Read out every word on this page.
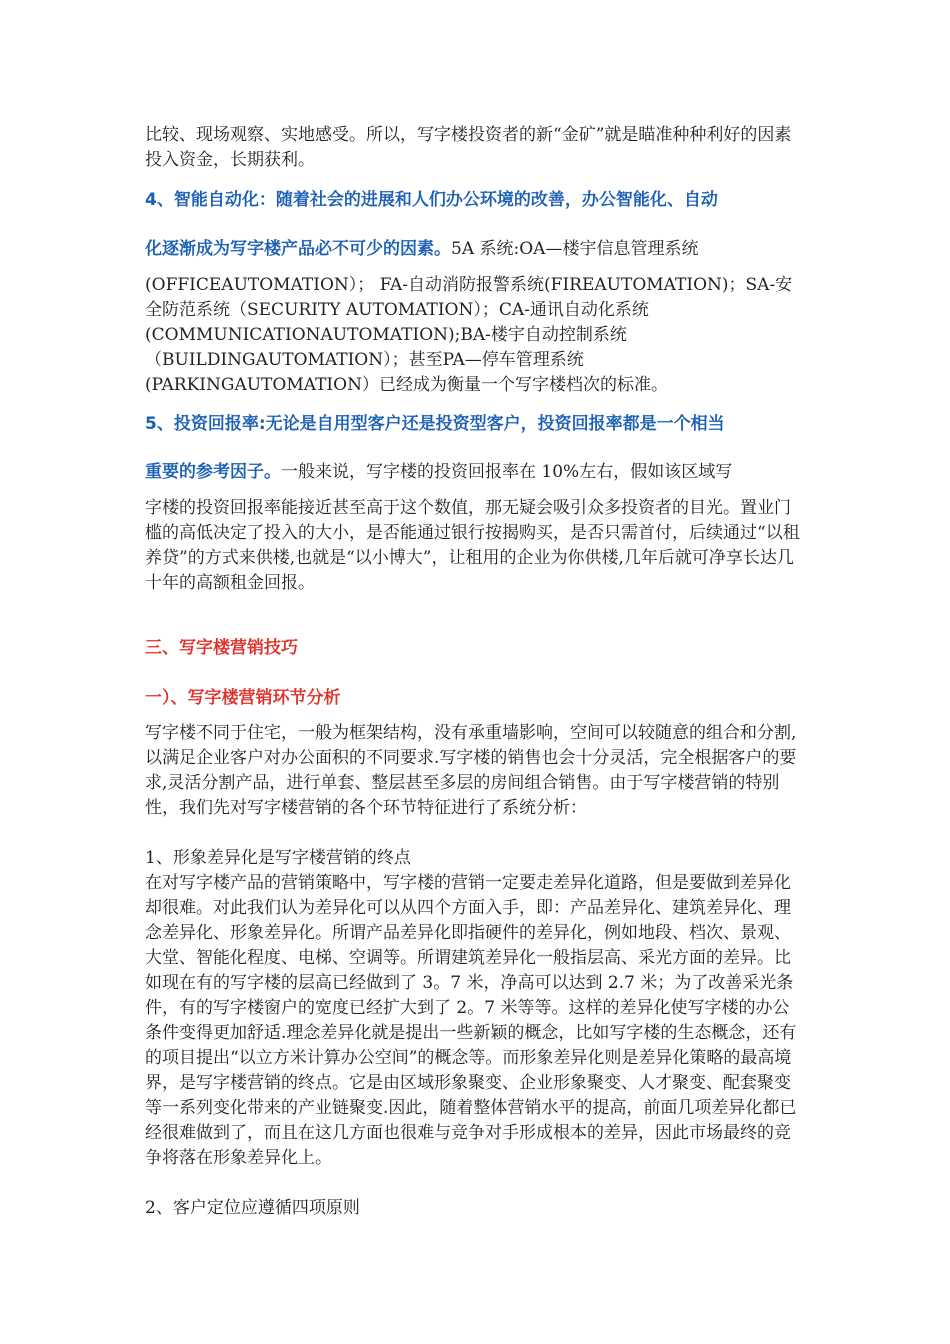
比较、现场观察、实地感受。所以，写字楼投资者的新“金矿”就是瞄准种种利好的因素投入资金，长期获利。

4、智能自动化：随着社会的进展和人们办公环境的改善，办公智能化、自动

化逐渐成为写字楼产品必不可少的因素。5A 系统:OA—楼宇信息管理系统

(OFFICEAUTOMATION）； FA-自动消防报警系统(FIREAUTOMATION)；SA-安全防范系统（SECURITY AUTOMATION）；CA-通讯自动化系统(COMMUNICATIONAUTOMATION);BA-楼宇自动控制系统（BUILDINGAUTOMATION）；甚至PA—停车管理系统(PARKINGAUTOMATION）已经成为衡量一个写字楼档次的标准。

5、投资回报率:无论是自用型客户还是投资型客户，投资回报率都是一个相当

重要的参考因子。一般来说，写字楼的投资回报率在 10%左右，假如该区域写

字楼的投资回报率能接近甚至高于这个数值，那无疑会吸引众多投资者的目光。置业门槛的高低决定了投入的大小，是否能通过银行按揭购买，是否只需首付，后续通过“以租养贷”的方式来供楼,也就是“以小博大”，让租用的企业为你供楼,几年后就可净享长达几十年的高额租金回报。

三、写字楼营销技巧

一）、写字楼营销环节分析

写字楼不同于住宅，一般为框架结构，没有承重墙影响，空间可以较随意的组合和分割,以满足企业客户对办公面积的不同要求.写字楼的销售也会十分灵活，完全根据客户的要求,灵活分割产品，进行单套、整层甚至多层的房间组合销售。由于写字楼营销的特别性，我们先对写字楼营销的各个环节特征进行了系统分析：

1、形象差异化是写字楼营销的终点

在对写字楼产品的营销策略中，写字楼的营销一定要走差异化道路，但是要做到差异化却很难。对此我们认为差异化可以从四个方面入手，即：产品差异化、建筑差异化、理念差异化、形象差异化。所谓产品差异化即指硬件的差异化，例如地段、档次、景观、大堂、智能化程度、电梯、空调等。所谓建筑差异化一般指层高、采光方面的差异。比如现在有的写字楼的层高已经做到了 3。7 米，净高可以达到 2.7 米；为了改善采光条件，有的写字楼窗户的宽度已经扩大到了 2。7 米等等。这样的差异化使写字楼的办公条件变得更加舒适.理念差异化就是提出一些新颖的概念，比如写字楼的生态概念，还有的项目提出“以立方米计算办公空间”的概念等。而形象差异化则是差异化策略的最高境界，是写字楼营销的终点。它是由区域形象聚变、企业形象聚变、人才聚变、配套聚变等一系列变化带来的产业链聚变.因此，随着整体营销水平的提高，前面几项差异化都已经很难做到了，而且在这几方面也很难与竞争对手形成根本的差异，因此市场最终的竞争将落在形象差异化上。

2、客户定位应遵循四项原则
